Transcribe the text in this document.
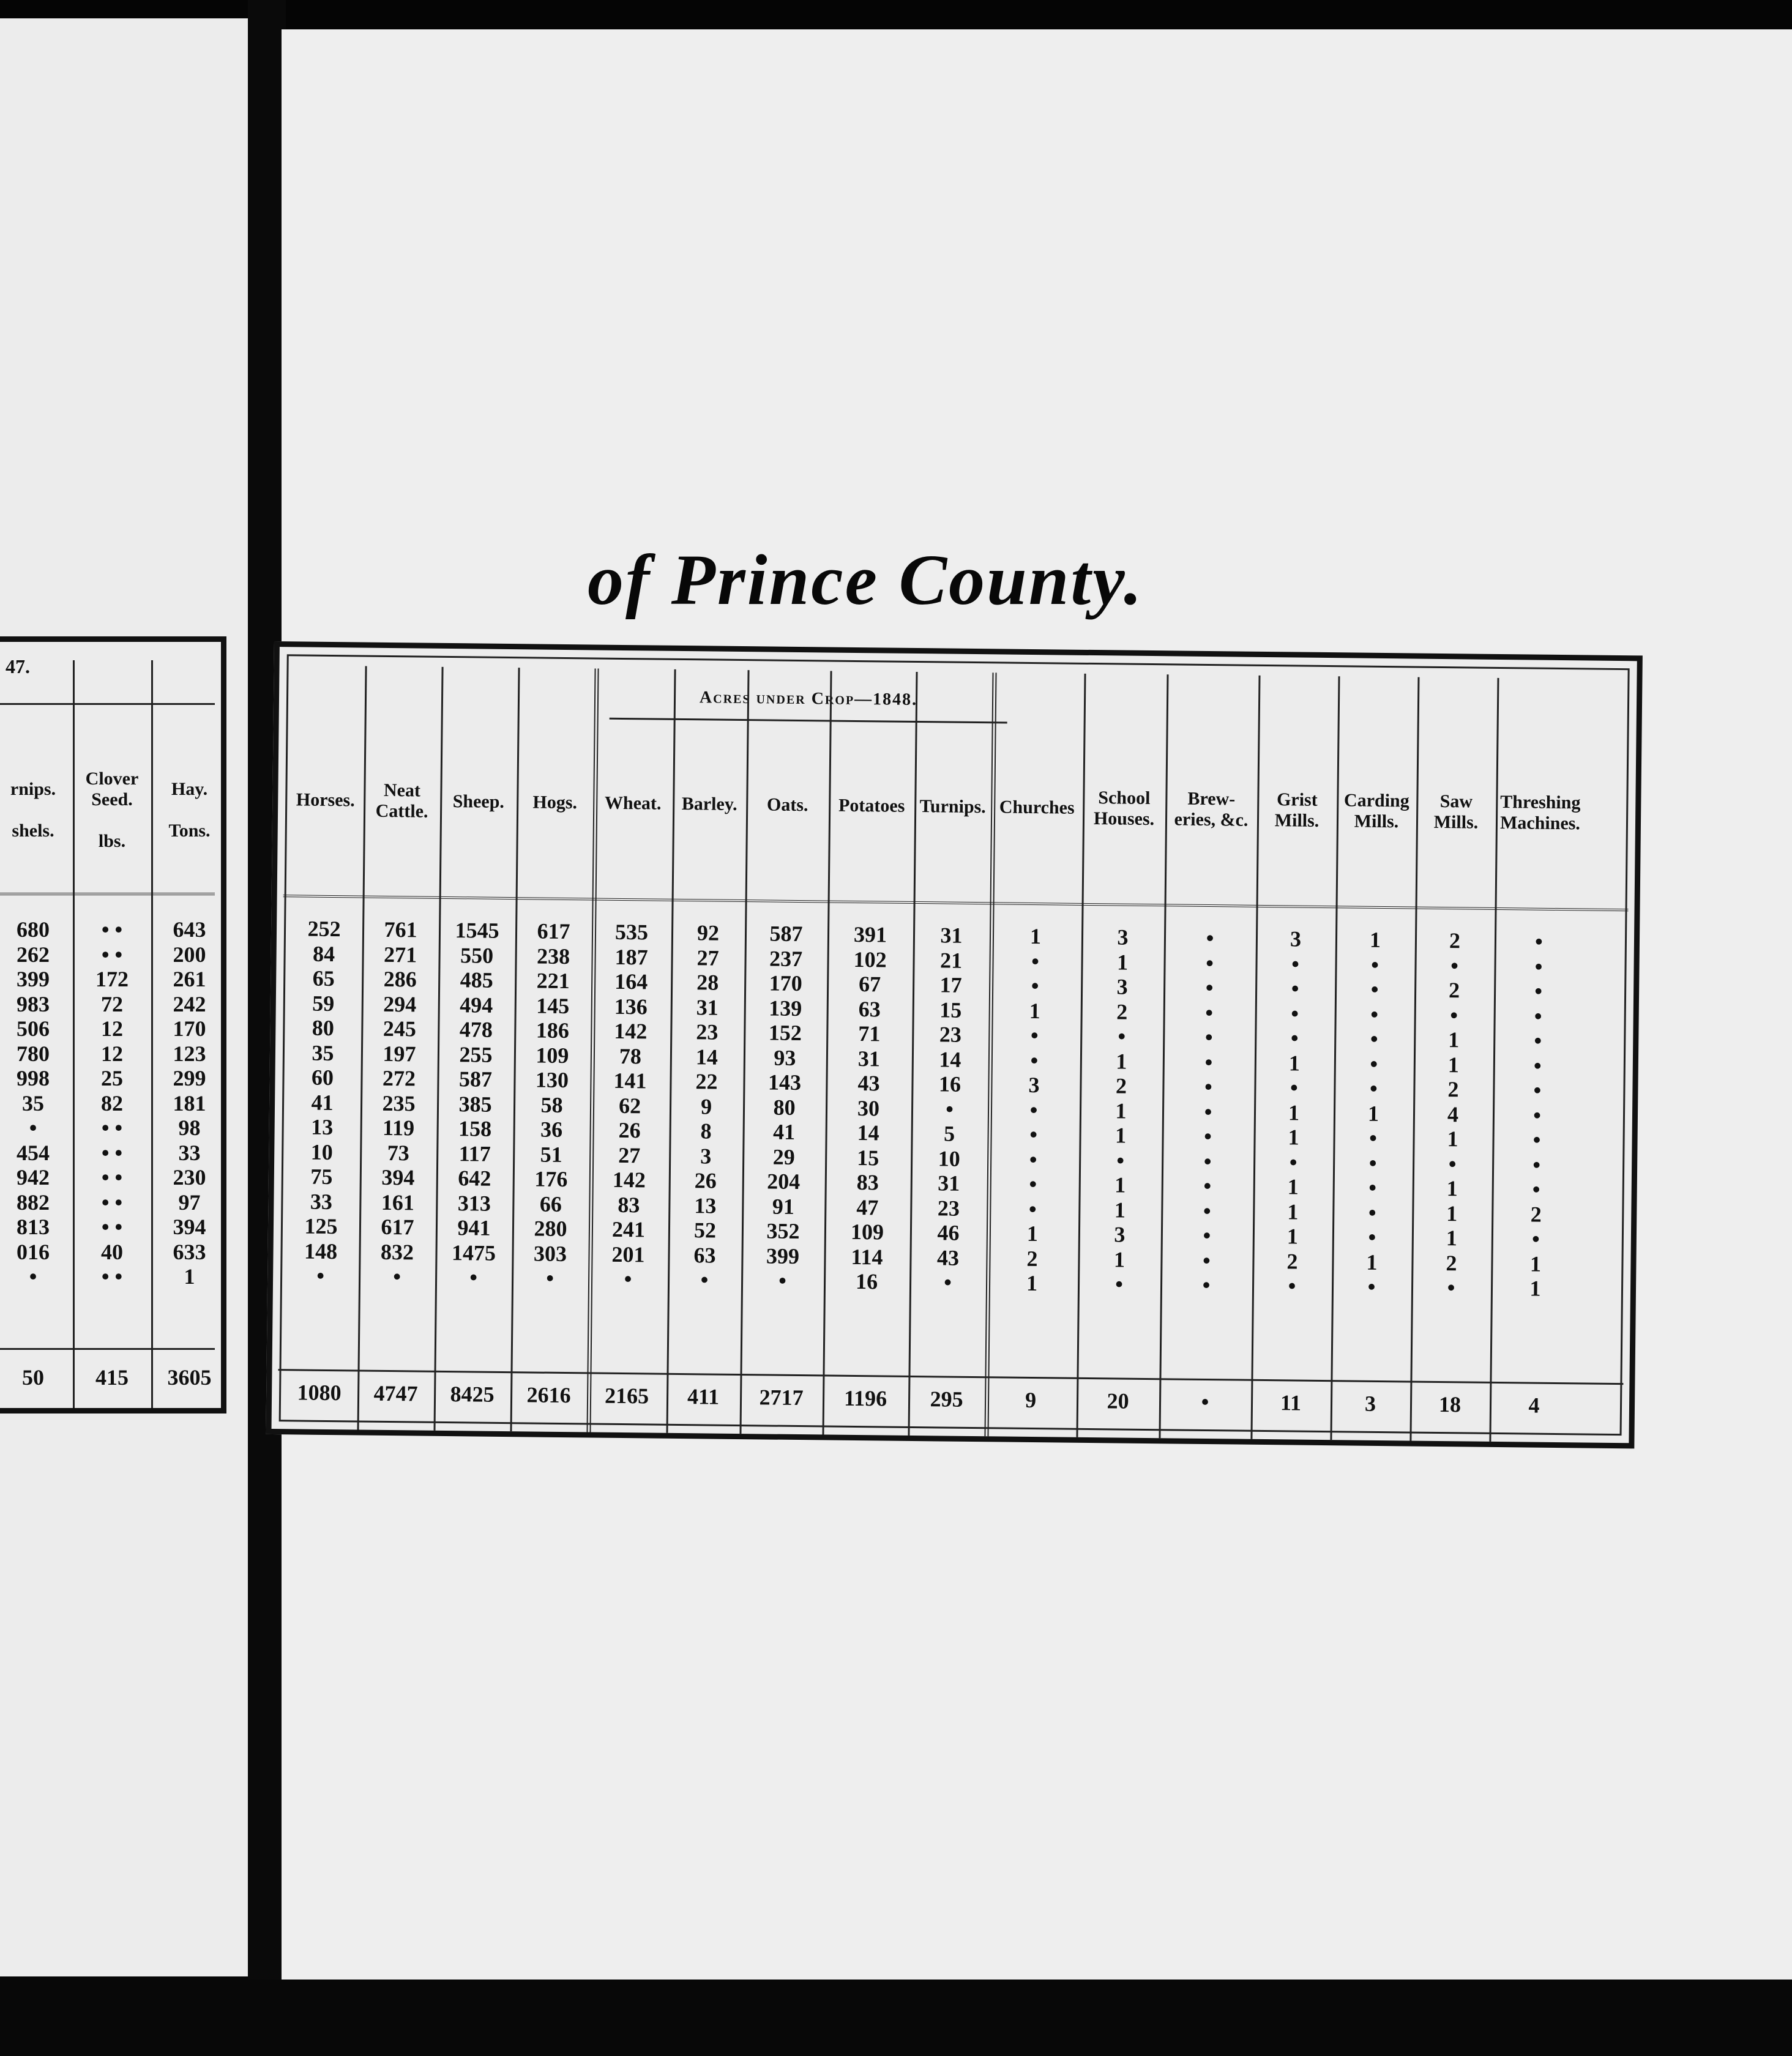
47.
rnips.

shels.
680
262
399
983
506
780
998
35
•
454
942
882
813
016
•
50
Clover
Seed.

lbs.
• •
• •
172
72
12
12
25
82
• •
• •
• •
• •
• •
40
• •
415
Hay.

Tons.
643
200
261
242
170
123
299
181
98
33
230
97
394
633
1
3605
of Prince County.
Acres under Crop—1848.
Horses.
252
84
65
59
80
35
60
41
13
10
75
33
125
148
•
1080
Neat
Cattle.
761
271
286
294
245
197
272
235
119
73
394
161
617
832
•
4747
Sheep.
1545
550
485
494
478
255
587
385
158
117
642
313
941
1475
•
8425
Hogs.
617
238
221
145
186
109
130
58
36
51
176
66
280
303
•
2616
Wheat.
535
187
164
136
142
78
141
62
26
27
142
83
241
201
•
2165
Barley.
92
27
28
31
23
14
22
9
8
3
26
13
52
63
•
411
Oats.
587
237
170
139
152
93
143
80
41
29
204
91
352
399
•
2717
Potatoes
391
102
67
63
71
31
43
30
14
15
83
47
109
114
16
1196
Turnips.
31
21
17
15
23
14
16
•
5
10
31
23
46
43
•
295
Churches
1
•
•
1
•
•
3
•
•
•
•
•
1
2
1
9
School
Houses.
3
1
3
2
•
1
2
1
1
•
1
1
3
1
•
20
Brew-
eries, &c.
•
•
•
•
•
•
•
•
•
•
•
•
•
•
•
•
Grist
Mills.
3
•
•
•
•
1
•
1
1
•
1
1
1
2
•
11
Carding
Mills.
1
•
•
•
•
•
•
1
•
•
•
•
•
1
•
3
Saw
Mills.
2
•
2
•
1
1
2
4
1
•
1
1
1
2
•
18
Threshing
Machines.
•
•
•
•
•
•
•
•
•
•
•
2
•
1
1
4
